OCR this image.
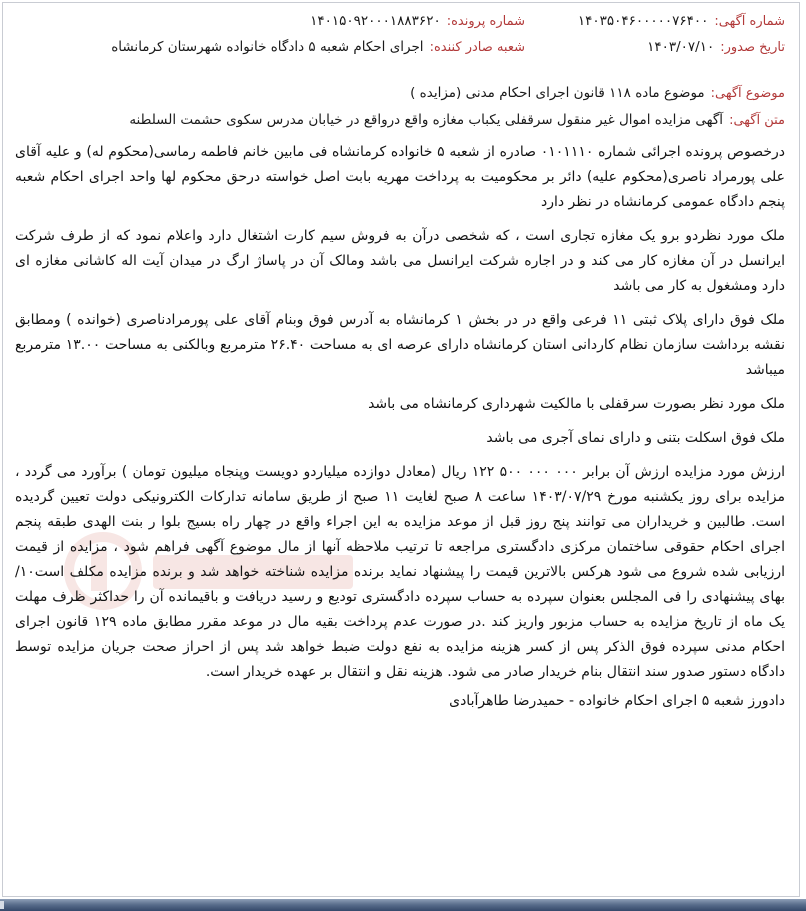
شماره آگهی:
۱۴۰۳۵۰۴۶۰۰۰۰۰۷۶۴۰۰
شماره پرونده:
۱۴۰۱۵۰۹۲۰۰۰۱۸۸۳۶۲۰
تاریخ صدور:
۱۴۰۳/۰۷/۱۰
شعبه صادر کننده:
اجرای احکام شعبه ۵ دادگاه خانواده شهرستان کرمانشاه
موضوع آگهی:
موضوع ماده ۱۱۸ قانون اجرای احکام مدنی (مزایده )
متن آگهی:
آگهی مزایده اموال غیر منقول سرقفلی یکباب مغازه واقع درواقع در خیابان مدرس سکوی حشمت السلطنه
درخصوص پرونده اجرائی شماره ۰۱۰۱۱۱۰ صادره از شعبه ۵ خانواده کرمانشاه فی مابین خانم فاطمه رماسی(محکوم له) و علیه آقای علی پورمراد ناصری(محکوم علیه) دائر بر محکومیت به پرداخت مهریه بابت اصل خواسته درحق محکوم لها واحد اجرای احکام شعبه پنجم دادگاه عمومی کرمانشاه در نظر دارد
ملک مورد نظردو برو یک مغازه تجاری است ، که شخصی درآن به فروش سیم کارت اشتغال دارد واعلام نمود که از طرف شرکت ایرانسل در آن مغازه کار می کند و در اجاره شرکت ایرانسل می باشد ومالک آن در پاساژ ارگ در میدان آیت اله کاشانی مغازه ای دارد ومشغول به کار می باشد
ملک فوق دارای پلاک ثبتی ۱۱ فرعی واقع در در بخش ۱ کرمانشاه به آدرس فوق وبنام آقای علی پورمرادناصری (خوانده ) ومطابق نقشه برداشت سازمان نظام کاردانی استان کرمانشاه دارای عرصه ای به مساحت ۲۶.۴۰ مترمربع وبالکنی به مساحت ۱۳.۰۰ مترمربع میباشد
ملک مورد نظر بصورت سرقفلی با مالکیت شهرداری کرمانشاه می باشد
ملک فوق اسکلت بتنی و دارای نمای آجری می باشد
ارزش مورد مزایده ارزش آن برابر ۰۰۰ ۰۰۰ ۵۰۰ ۱۲۲ ریال (معادل دوازده میلیاردو دویست وپنجاه میلیون تومان ) برآورد می گردد ، مزایده برای روز یکشنبه مورخ ۱۴۰۳/۰۷/۲۹ ساعت ۸ صبح لغایت ۱۱ صبح از طریق سامانه تدارکات الکترونیکی دولت تعیین گردیده است. طالبین و خریداران می توانند پنج روز قبل از موعد مزایده به این اجراء واقع در چهار راه بسیج بلوا ر بنت الهدی طبقه پنجم اجرای احکام حقوقی ساختمان مرکزی دادگستری مراجعه تا ترتیب ملاحظه آنها از مال موضوع آگهی فراهم شود ، مزایده از قیمت ارزیابی شده شروع می شود هرکس بالاترین قیمت را پیشنهاد نماید برنده مزایده شناخته خواهد شد و برنده مزایده مکلف است۱۰/ بهای پیشنهادی را فی المجلس بعنوان سپرده به حساب سپرده دادگستری تودیع و رسید دریافت و باقیمانده آن را حداکثر ظرف مهلت یک ماه از تاریخ مزایده به حساب مزبور واریز کند .در صورت عدم پرداخت بقیه مال در موعد مقرر مطابق ماده ۱۲۹ قانون اجرای احکام مدنی سپرده فوق الذکر پس از کسر هزینه مزایده به نفع دولت ضبط خواهد شد پس از احراز صحت جریان مزایده توسط دادگاه دستور صدور سند انتقال بنام خریدار صادر می شود. هزینه نقل و انتقال بر عهده خریدار است.
دادورز شعبه ۵ اجرای احکام خانواده - حمیدرضا طاهرآبادی
